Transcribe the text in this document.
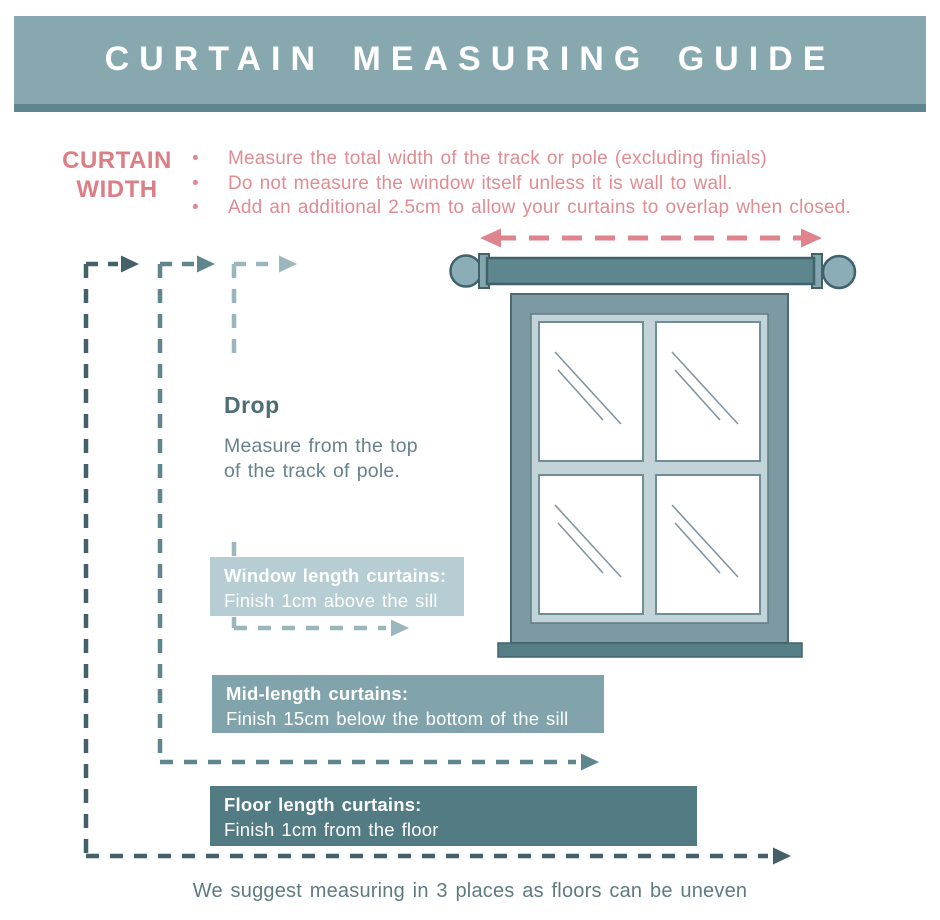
CURTAIN MEASURING GUIDE
CURTAIN
WIDTH
• Measure the total width of the track or pole (excluding finials)
• Do not measure the window itself unless it is wall to wall.
• Add an additional 2.5cm to allow your curtains to overlap when closed.
Drop
Measure from the top
of the track of pole.
Window length curtains:
Finish 1cm above the sill
Mid-length curtains:
Finish 15cm below the bottom of the sill
Floor length curtains:
Finish 1cm from the floor
We suggest measuring in 3 places as floors can be uneven
